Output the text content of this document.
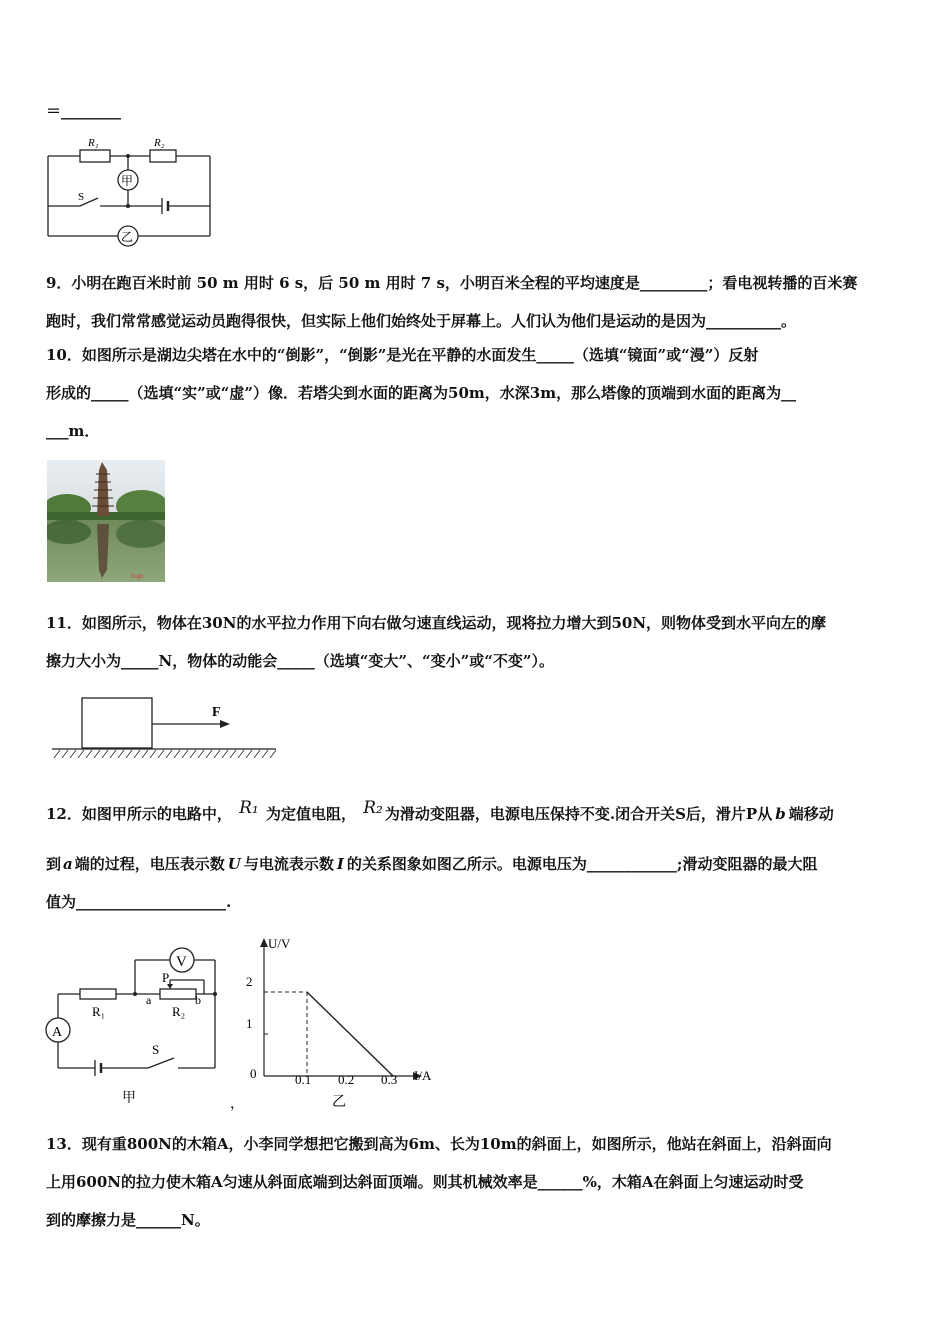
＝________
R₁	R₂
S
甲
乙
9．小明在跑百米时前 50 m 用时 6 s，后 50 m 用时 7 s，小明百米全程的平均速度是_________；看电视转播的百米赛
跑时，我们常常感觉运动员跑得很快，但实际上他们始终处于屏幕上。人们认为他们是运动的是因为__________。
10．如图所示是湖边尖塔在水中的“倒影”，“倒影”是光在平静的水面发生_____（选填“镜面”或“漫”）反射
形成的_____（选填“实”或“虚”）像．若塔尖到水面的距离为50m，水深3m，那么塔像的顶端到水面的距离为__
___m．
logo
11．如图所示，物体在30N的水平拉力作用下向右做匀速直线运动，现将拉力增大到50N，则物体受到水平向左的摩
擦力大小为_____N，物体的动能会_____（选填“变大”、“变小”或“不变”）。
F
12．如图甲所示的电路中， R₁ 为定值电阻， R₂ 为滑动变阻器，电源电压保持不变.闭合开关S后，滑片P从 b 端移动
到 a 端的过程，电压表示数 U 与电流表示数 I 的关系图象如图乙所示。电源电压为____________;滑动变阻器的最大阻
值为____________________.
V
A
P
R₁	R₂
a	b
S
甲
U/V
I/A
0
2
1
0.1 0.2 0.3
，	乙
13．现有重800N的木箱A，小李同学想把它搬到高为6m、长为10m的斜面上，如图所示，他站在斜面上，沿斜面向
上用600N的拉力使木箱A匀速从斜面底端到达斜面顶端。则其机械效率是______%，木箱A在斜面上匀速运动时受
到的摩擦力是______N。
